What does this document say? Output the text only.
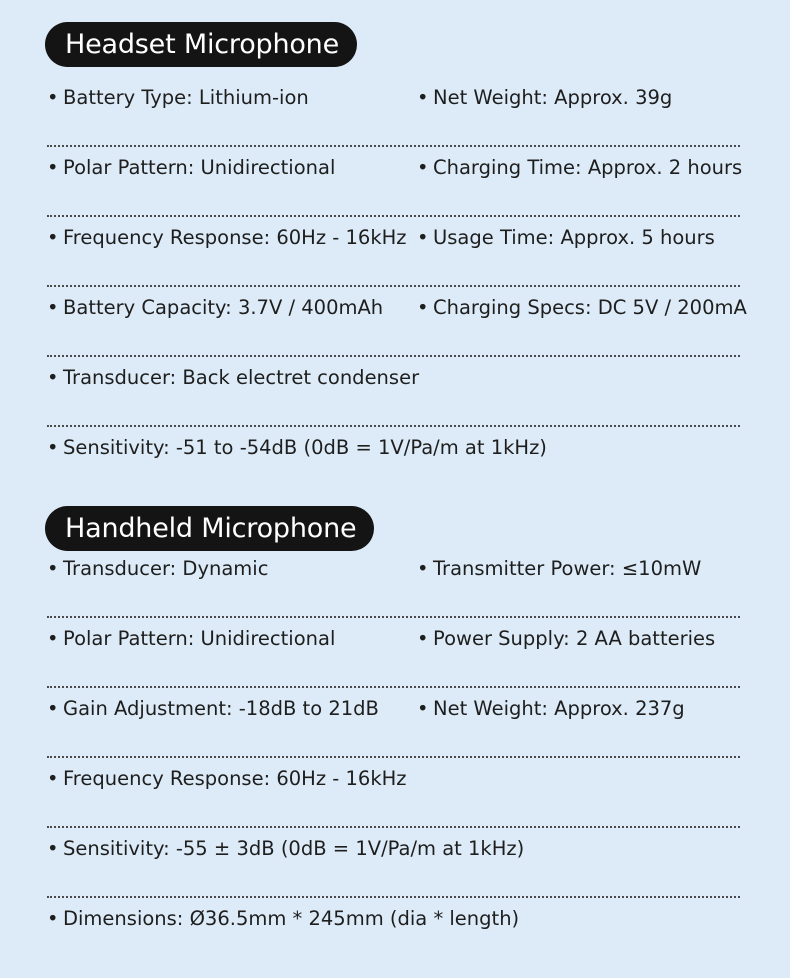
Headset Microphone
• Battery Type: Lithium-ion	• Net Weight: Approx. 39g
• Polar Pattern: Unidirectional	• Charging Time: Approx. 2 hours
• Frequency Response: 60Hz - 16kHz • Usage Time: Approx. 5 hours
• Battery Capacity: 3.7V / 400mAh • Charging Specs: DC 5V / 200mA
• Transducer: Back electret condenser
• Sensitivity: -51 to -54dB (0dB = 1V/Pa/m at 1kHz)
Handheld Microphone
• Transducer: Dynamic	• Transmitter Power: ≤10mW
• Polar Pattern: Unidirectional	• Power Supply: 2 AA batteries
• Gain Adjustment: -18dB to 21dB • Net Weight: Approx. 237g
• Frequency Response: 60Hz - 16kHz
• Sensitivity: -55 ± 3dB (0dB = 1V/Pa/m at 1kHz)
• Dimensions: Ø36.5mm * 245mm (dia * length)
